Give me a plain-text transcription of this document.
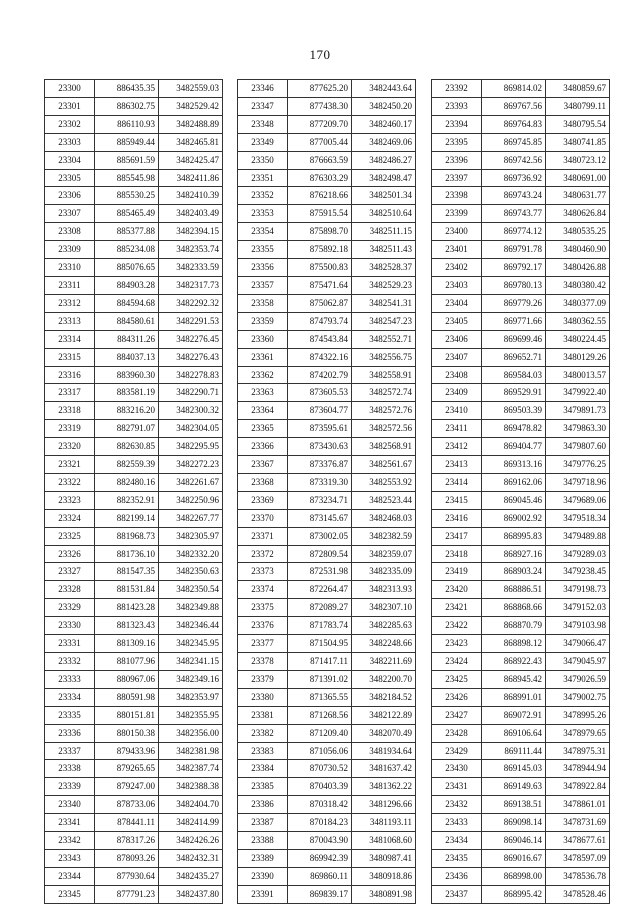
170
23300	886435.35	3482559.03
23301	886302.75	3482529.42
23302	886110.93	3482488.89
23303	885949.44	3482465.81
23304	885691.59	3482425.47
23305	885545.98	3482411.86
23306	885530.25	3482410.39
23307	885465.49	3482403.49
23308	885377.88	3482394.15
23309	885234.08	3482353.74
23310	885076.65	3482333.59
23311	884903.28	3482317.73
23312	884594.68	3482292.32
23313	884580.61	3482291.53
23314	884311.26	3482276.45
23315	884037.13	3482276.43
23316	883960.30	3482278.83
23317	883581.19	3482290.71
23318	883216.20	3482300.32
23319	882791.07	3482304.05
23320	882630.85	3482295.95
23321	882559.39	3482272.23
23322	882480.16	3482261.67
23323	882352.91	3482250.96
23324	882199.14	3482267.77
23325	881968.73	3482305.97
23326	881736.10	3482332.20
23327	881547.35	3482350.63
23328	881531.84	3482350.54
23329	881423.28	3482349.88
23330	881323.43	3482346.44
23331	881309.16	3482345.95
23332	881077.96	3482341.15
23333	880967.06	3482349.16
23334	880591.98	3482353.97
23335	880151.81	3482355.95
23336	880150.38	3482356.00
23337	879433.96	3482381.98
23338	879265.65	3482387.74
23339	879247.00	3482388.38
23340	878733.06	3482404.70
23341	878441.11	3482414.99
23342	878317.26	3482426.26
23343	878093.26	3482432.31
23344	877930.64	3482435.27
23345	877791.23	3482437.80
23346	877625.20	3482443.64
23347	877438.30	3482450.20
23348	877209.70	3482460.17
23349	877005.44	3482469.06
23350	876663.59	3482486.27
23351	876303.29	3482498.47
23352	876218.66	3482501.34
23353	875915.54	3482510.64
23354	875898.70	3482511.15
23355	875892.18	3482511.43
23356	875500.83	3482528.37
23357	875471.64	3482529.23
23358	875062.87	3482541.31
23359	874793.74	3482547.23
23360	874543.84	3482552.71
23361	874322.16	3482556.75
23362	874202.79	3482558.91
23363	873605.53	3482572.74
23364	873604.77	3482572.76
23365	873595.61	3482572.56
23366	873430.63	3482568.91
23367	873376.87	3482561.67
23368	873319.30	3482553.92
23369	873234.71	3482523.44
23370	873145.67	3482468.03
23371	873002.05	3482382.59
23372	872809.54	3482359.07
23373	872531.98	3482335.09
23374	872264.47	3482313.93
23375	872089.27	3482307.10
23376	871783.74	3482285.63
23377	871504.95	3482248.66
23378	871417.11	3482211.69
23379	871391.02	3482200.70
23380	871365.55	3482184.52
23381	871268.56	3482122.89
23382	871209.40	3482070.49
23383	871056.06	3481934.64
23384	870730.52	3481637.42
23385	870403.39	3481362.22
23386	870318.42	3481296.66
23387	870184.23	3481193.11
23388	870043.90	3481068.60
23389	869942.39	3480987.41
23390	869860.11	3480918.86
23391	869839.17	3480891.98
23392	869814.02	3480859.67
23393	869767.56	3480799.11
23394	869764.83	3480795.54
23395	869745.85	3480741.85
23396	869742.56	3480723.12
23397	869736.92	3480691.00
23398	869743.24	3480631.77
23399	869743.77	3480626.84
23400	869774.12	3480535.25
23401	869791.78	3480460.90
23402	869792.17	3480426.88
23403	869780.13	3480380.42
23404	869779.26	3480377.09
23405	869771.66	3480362.55
23406	869699.46	3480224.45
23407	869652.71	3480129.26
23408	869584.03	3480013.57
23409	869529.91	3479922.40
23410	869503.39	3479891.73
23411	869478.82	3479863.30
23412	869404.77	3479807.60
23413	869313.16	3479776.25
23414	869162.06	3479718.96
23415	869045.46	3479689.06
23416	869002.92	3479518.34
23417	868995.83	3479489.88
23418	868927.16	3479289.03
23419	868903.24	3479238.45
23420	868886.51	3479198.73
23421	868868.66	3479152.03
23422	868870.79	3479103.98
23423	868898.12	3479066.47
23424	868922.43	3479045.97
23425	868945.42	3479026.59
23426	868991.01	3479002.75
23427	869072.91	3478995.26
23428	869106.64	3478979.65
23429	869111.44	3478975.31
23430	869145.03	3478944.94
23431	869149.63	3478922.84
23432	869138.51	3478861.01
23433	869098.14	3478731.69
23434	869046.14	3478677.61
23435	869016.67	3478597.09
23436	868998.00	3478536.78
23437	868995.42	3478528.46
